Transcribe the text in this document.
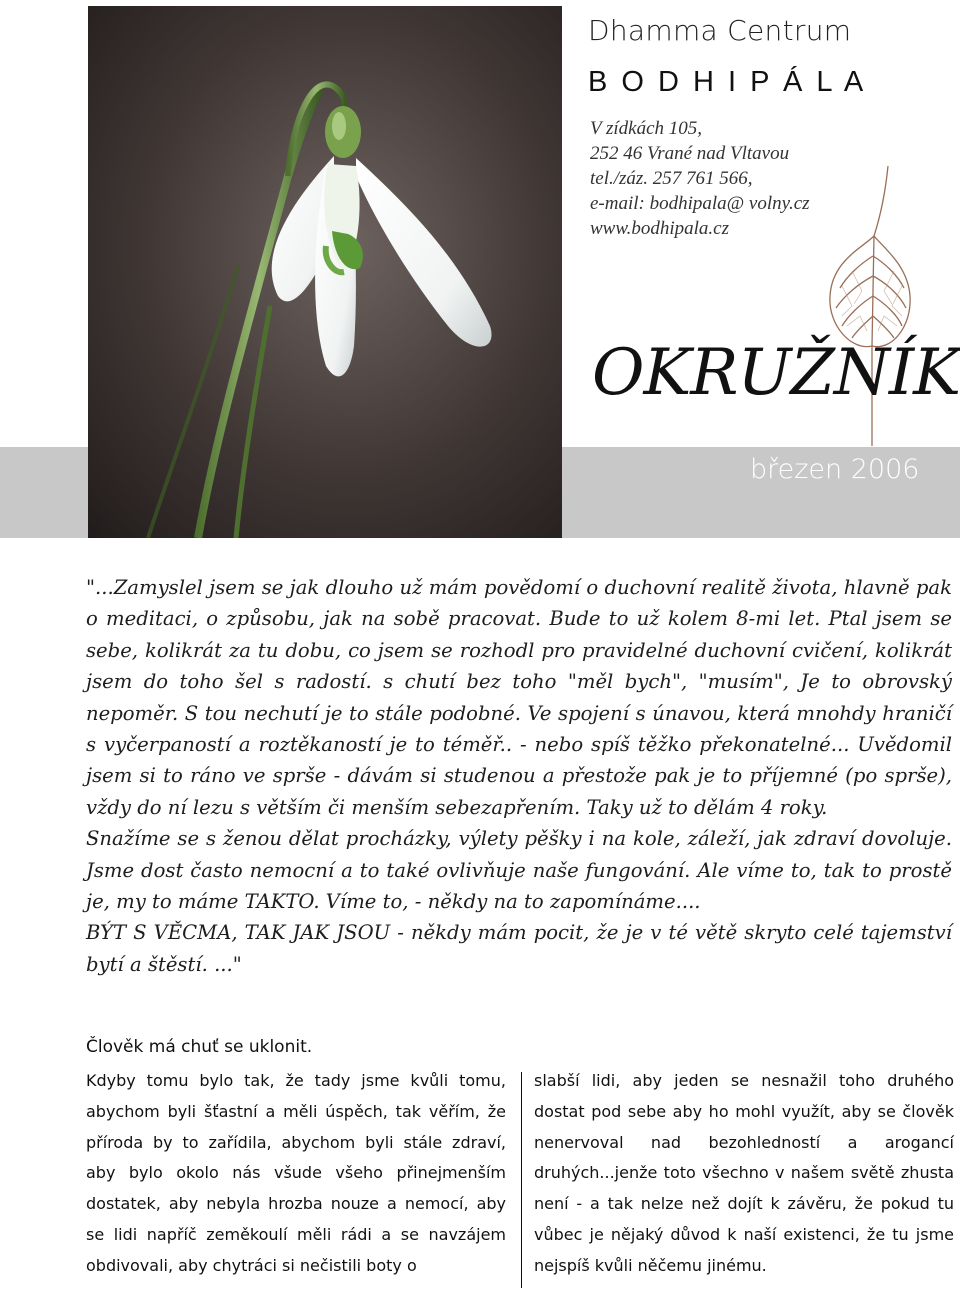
Dhamma Centrum
B O D H I P Á L A
V zídkách 105,
252 46 Vrané nad Vltavou
tel./záz. 257 761 566,
e-mail: bodhipala@ volny.cz
www.bodhipala.cz
OKRUŽNÍK
březen 2006

"...Zamyslel jsem se jak dlouho už mám povědomí o duchovní realitě života, hlavně pak o meditaci, o způsobu, jak na sobě pracovat. Bude to už kolem 8-mi let. Ptal jsem se sebe, kolikrát za tu dobu, co jsem se rozhodl pro pravidelné duchovní cvičení, kolikrát jsem do toho šel s radostí. s chutí bez toho "měl bych", "musím", Je to obrovský nepoměr. S tou nechutí je to stále podobné. Ve spojení s únavou, která mnohdy hraničí s vyčerpaností a roztěkaností je to téměř.. - nebo spíš těžko překonatelné... Uvědomil jsem si to ráno ve sprše - dávám si studenou a přestože pak je to příjemné (po sprše), vždy do ní lezu s větším či menším sebezapřením. Taky už to dělám 4 roky.

Snažíme se s ženou dělat procházky, výlety pěšky i na kole, záleží, jak zdraví dovoluje. Jsme dost často nemocní a to také ovlivňuje naše fungování. Ale víme to, tak to prostě je, my to máme TAKTO. Víme to, - někdy na to zapomínáme....

BÝT S VĚCMA, TAK JAK JSOU - někdy mám pocit, že je v té větě skryto celé tajemství bytí a štěstí. ..."

Člověk má chuť se uklonit.
Kdyby tomu bylo tak, že tady jsme kvůli tomu, abychom byli šťastní a měli úspěch, tak věřím, že příroda by to zařídila, abychom byli stále zdraví, aby bylo okolo nás všude všeho přinejmenším dostatek, aby nebyla hrozba nouze a nemocí, aby se lidi napříč zeměkoulí měli rádi a se navzájem obdivovali, aby chytráci si nečistili boty o
slabší lidi, aby jeden se nesnažil toho druhého dostat pod sebe aby ho mohl využít, aby se člověk nenervoval nad bezohledností a arogancí druhých...jenže toto všechno v našem světě zhusta není - a tak nelze než dojít k závěru, že pokud tu vůbec je nějaký důvod k naší existenci, že tu jsme nejspíš kvůli něčemu jinému.
